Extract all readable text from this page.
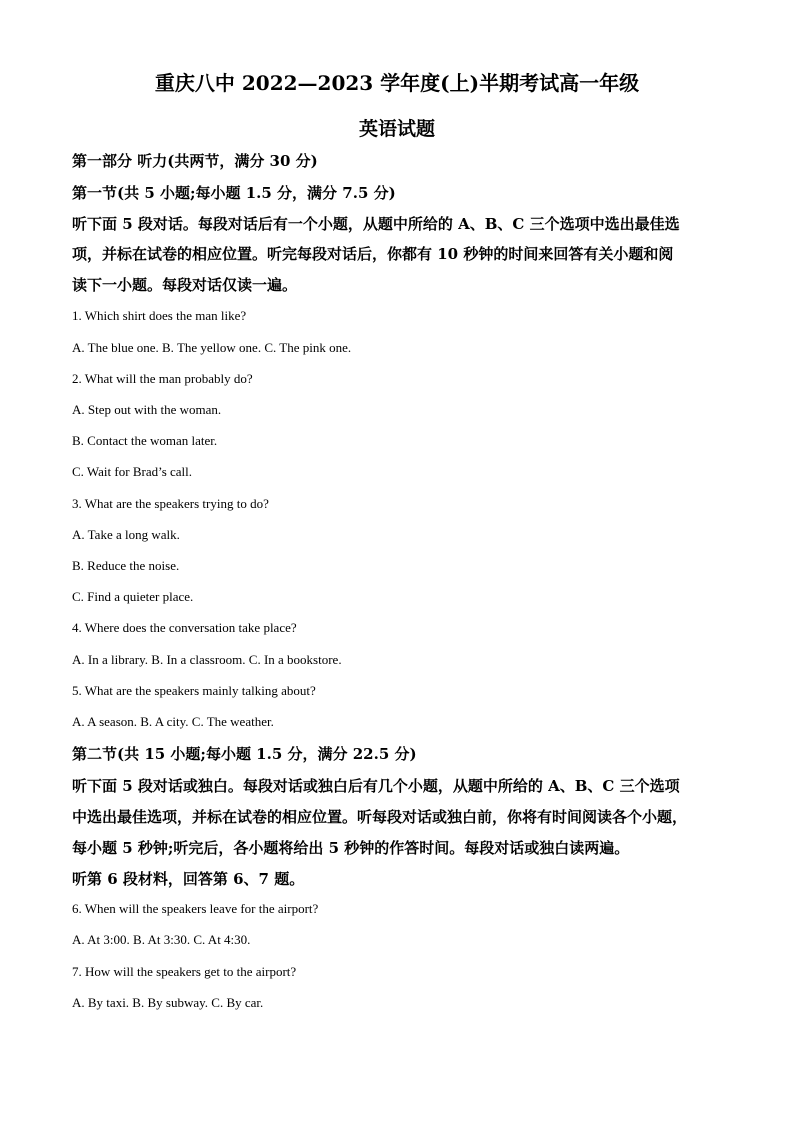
重庆八中 2022—2023 学年度(上)半期考试高一年级
英语试题
第一部分 听力(共两节，满分 30 分)
第一节(共 5 小题;每小题 1.5 分，满分 7.5 分)
听下面 5 段对话。每段对话后有一个小题，从题中所给的 A、B、C 三个选项中选出最佳选
项，并标在试卷的相应位置。听完每段对话后，你都有 10 秒钟的时间来回答有关小题和阅
读下一小题。每段对话仅读一遍。
1. Which shirt does the man like?
A. The blue one. B. The yellow one. C. The pink one.
2. What will the man probably do?
A. Step out with the woman.
B. Contact the woman later.
C. Wait for Brad’s call.
3. What are the speakers trying to do?
A. Take a long walk.
B. Reduce the noise.
C. Find a quieter place.
4. Where does the conversation take place?
A. In a library. B. In a classroom. C. In a bookstore.
5. What are the speakers mainly talking about?
A. A season. B. A city. C. The weather.
第二节(共 15 小题;每小题 1.5 分，满分 22.5 分)
听下面 5 段对话或独白。每段对话或独白后有几个小题，从题中所给的 A、B、C 三个选项
中选出最佳选项，并标在试卷的相应位置。听每段对话或独白前，你将有时间阅读各个小题，
每小题 5 秒钟;听完后，各小题将给出 5 秒钟的作答时间。每段对话或独白读两遍。
听第 6 段材料，回答第 6、7 题。
6. When will the speakers leave for the airport?
A. At 3:00. B. At 3:30. C. At 4:30.
7. How will the speakers get to the airport?
A. By taxi. B. By subway. C. By car.
